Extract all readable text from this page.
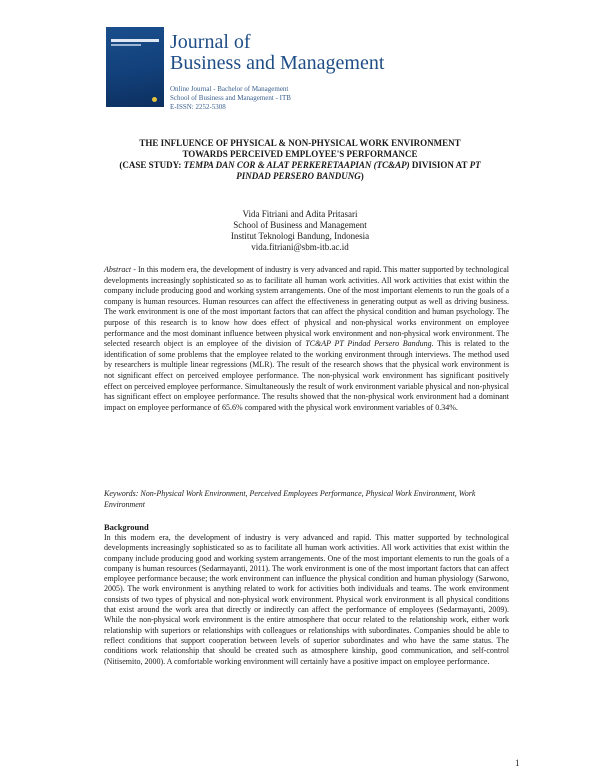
Journal of
Business and Management
Online Journal - Bachelor of Management
School of Business and Management - ITB
E-ISSN: 2252-5308
THE INFLUENCE OF PHYSICAL & NON-PHYSICAL WORK ENVIRONMENT
TOWARDS PERCEIVED EMPLOYEE'S PERFORMANCE
(CASE STUDY: TEMPA DAN COR & ALAT PERKERETAAPIAN (TC&AP) DIVISION AT PT
PINDAD PERSERO BANDUNG)
Vida Fitriani and Adita Pritasari
School of Business and Management
Institut Teknologi Bandung, Indonesia
vida.fitriani@sbm-itb.ac.id
Abstract - In this modern era, the development of industry is very advanced and rapid. This matter supported by technological developments increasingly sophisticated so as to facilitate all human work activities. All work activities that exist within the company include producing good and working system arrangements. One of the most important elements to run the goals of a company is human resources. Human resources can affect the effectiveness in generating output as well as driving business. The work environment is one of the most important factors that can affect the physical condition and human psychology. The purpose of this research is to know how does effect of physical and non-physical works environment on employee performance and the most dominant influence between physical work environment and non-physical work environment. The selected research object is an employee of the division of TC&AP PT Pindad Persero Bandung. This is related to the identification of some problems that the employee related to the working environment through interviews. The method used by researchers is multiple linear regressions (MLR). The result of the research shows that the physical work environment is not significant effect on perceived employee performance. The non-physical work environment has significant positively effect on perceived employee performance. Simultaneously the result of work environment variable physical and non-physical has significant effect on employee performance. The results showed that the non-physical work environment had a dominant impact on employee performance of 65.6% compared with the physical work environment variables of 0.34%.
Keywords: Non-Physical Work Environment, Perceived Employees Performance, Physical Work Environment, Work Environment
Background
In this modern era, the development of industry is very advanced and rapid. This matter supported by technological developments increasingly sophisticated so as to facilitate all human work activities. All work activities that exist within the company include producing good and working system arrangements. One of the most important elements to run the goals of a company is human resources (Sedarmayanti, 2011). The work environment is one of the most important factors that can affect employee performance because; the work environment can influence the physical condition and human physiology (Sarwono, 2005). The work environment is anything related to work for activities both individuals and teams. The work environment consists of two types of physical and non-physical work environment. Physical work environment is all physical conditions that exist around the work area that directly or indirectly can affect the performance of employees (Sedarmayanti, 2009). While the non-physical work environment is the entire atmosphere that occur related to the relationship work, either work relationship with superiors or relationships with colleagues or relationships with subordinates. Companies should be able to reflect conditions that support cooperation between levels of superior subordinates and who have the same status. The conditions work relationship that should be created such as atmosphere kinship, good communication, and self-control (Nitisemito, 2000). A comfortable working environment will certainly have a positive impact on employee performance.
1
